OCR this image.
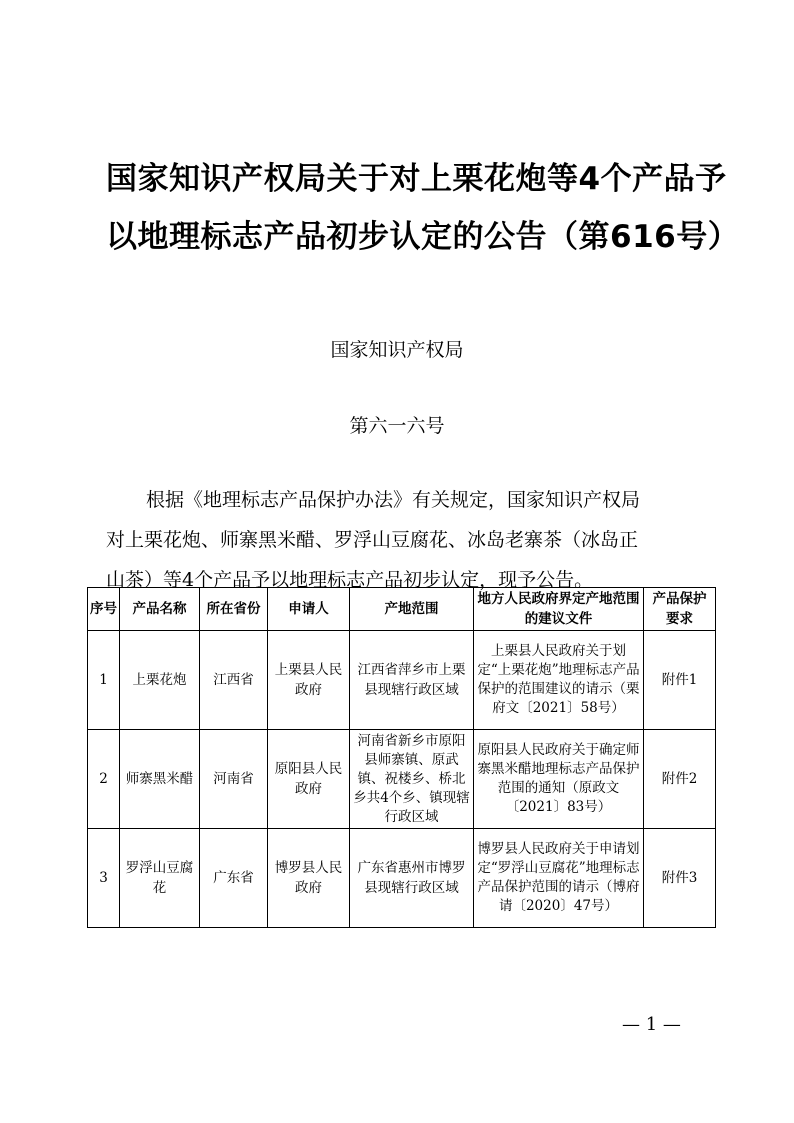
国家知识产权局关于对上栗花炮等4个产品予
以地理标志产品初步认定的公告（第616号）

国家知识产权局

第六一六号

根据《地理标志产品保护办法》有关规定，国家知识产权局
对上栗花炮、师寨黑米醋、罗浮山豆腐花、冰岛老寨茶（冰岛正
山茶）等4个产品予以地理标志产品初步认定，现予公告。
序号	产品名称	所在省份	申请人	产地范围	地方人民政府界定产地范围的建议文件	产品保护要求
1	上栗花炮	江西省	上栗县人民政府	江西省萍乡市上栗县现辖行政区域	上栗县人民政府关于划定“上栗花炮”地理标志产品保护的范围建议的请示（栗府文〔2021〕58号）	附件1
2	师寨黑米醋	河南省	原阳县人民政府	河南省新乡市原阳县师寨镇、原武镇、祝楼乡、桥北乡共4个乡、镇现辖行政区域	原阳县人民政府关于确定师寨黑米醋地理标志产品保护范围的通知（原政文〔2021〕83号）	附件2
3	罗浮山豆腐花	广东省	博罗县人民政府	广东省惠州市博罗县现辖行政区域	博罗县人民政府关于申请划定“罗浮山豆腐花”地理标志产品保护范围的请示（博府请〔2020〕47号）	附件3

— 1 —
